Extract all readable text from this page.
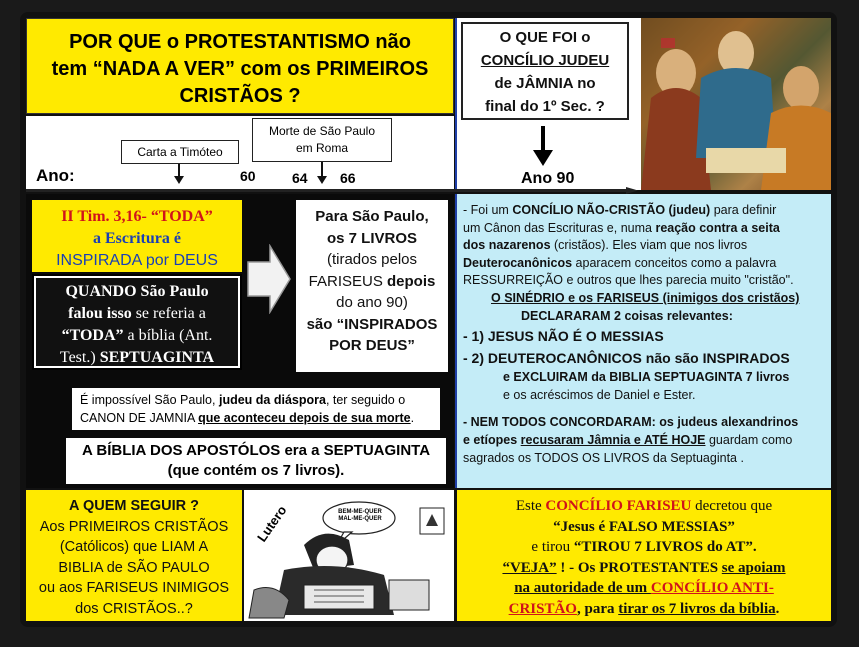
POR QUE o PROTESTANTISMO não

tem “NADA A VER” com os PRIMEIROS

CRISTÃOS ?

Carta a Timóteo
Morte de São Paulo em Roma
Ano:	60	64 66

O QUE FOI o

CONCÍLIO JUDEU

de JÂMNIA no

final do 1º Sec. ?

Ano 90

II Tim. 3,16- “TODA”

a Escritura é

INSPIRADA por DEUS

QUANDO São Paulo

falou isso se referia a

“TODA” a bíblia (Ant.

Test.) SEPTUAGINTA

Para São Paulo,

os 7 LIVROS

(tirados pelos

FARISEUS depois

do ano 90)

são “INSPIRADOS

POR DEUS”

É impossível São Paulo, judeu da diáspora, ter seguido o

CANON DE JAMNIA que aconteceu depois de sua morte.

A BÍBLIA DOS APOSTÓLOS era a SEPTUAGINTA

(que contém os 7 livros).

- Foi um CONCÍLIO NÃO-CRISTÃO (judeu) para definir

um Cânon das Escrituras e, numa reação contra a seita

dos nazarenos (cristãos). Eles viam que nos livros

Deuterocanônicos aparacem conceitos como a palavra

RESSURREIÇÃO e outros que lhes parecia muito "cristão".

O SINÉDRIO e os FARISEUS (inimigos dos cristãos)

DECLARARAM 2 coisas relevantes:

- 1) JESUS NÃO É O MESSIAS

- 2) DEUTEROCANÔNICOS não são INSPIRADOS

e EXCLUIRAM da BIBLIA SEPTUAGINTA 7 livros

e os acréscimos de Daniel e Ester.

- NEM TODOS CONCORDARAM: os judeus alexandrinos

e etíopes recusaram Jâmnia e ATÉ HOJE guardam como

sagrados os TODOS OS LIVROS da Septuaginta .

A QUEM SEGUIR ?

Aos PRIMEIROS CRISTÃOS

(Católicos) que LIAM A

BIBLIA de SÃO PAULO

ou aos FARISEUS INIMIGOS

dos CRISTÃOS..?

Lutero	BEM-ME-QUER MAL-ME-QUER

Este CONCÍLIO FARISEU decretou que

“Jesus é FALSO MESSIAS”

e tirou “TIROU 7 LIVROS do AT”.

“VEJA” ! - Os PROTESTANTES se apoiam

na autoridade de um CONCÍLIO ANTI-

CRISTÃO, para tirar os 7 livros da bíblia.
